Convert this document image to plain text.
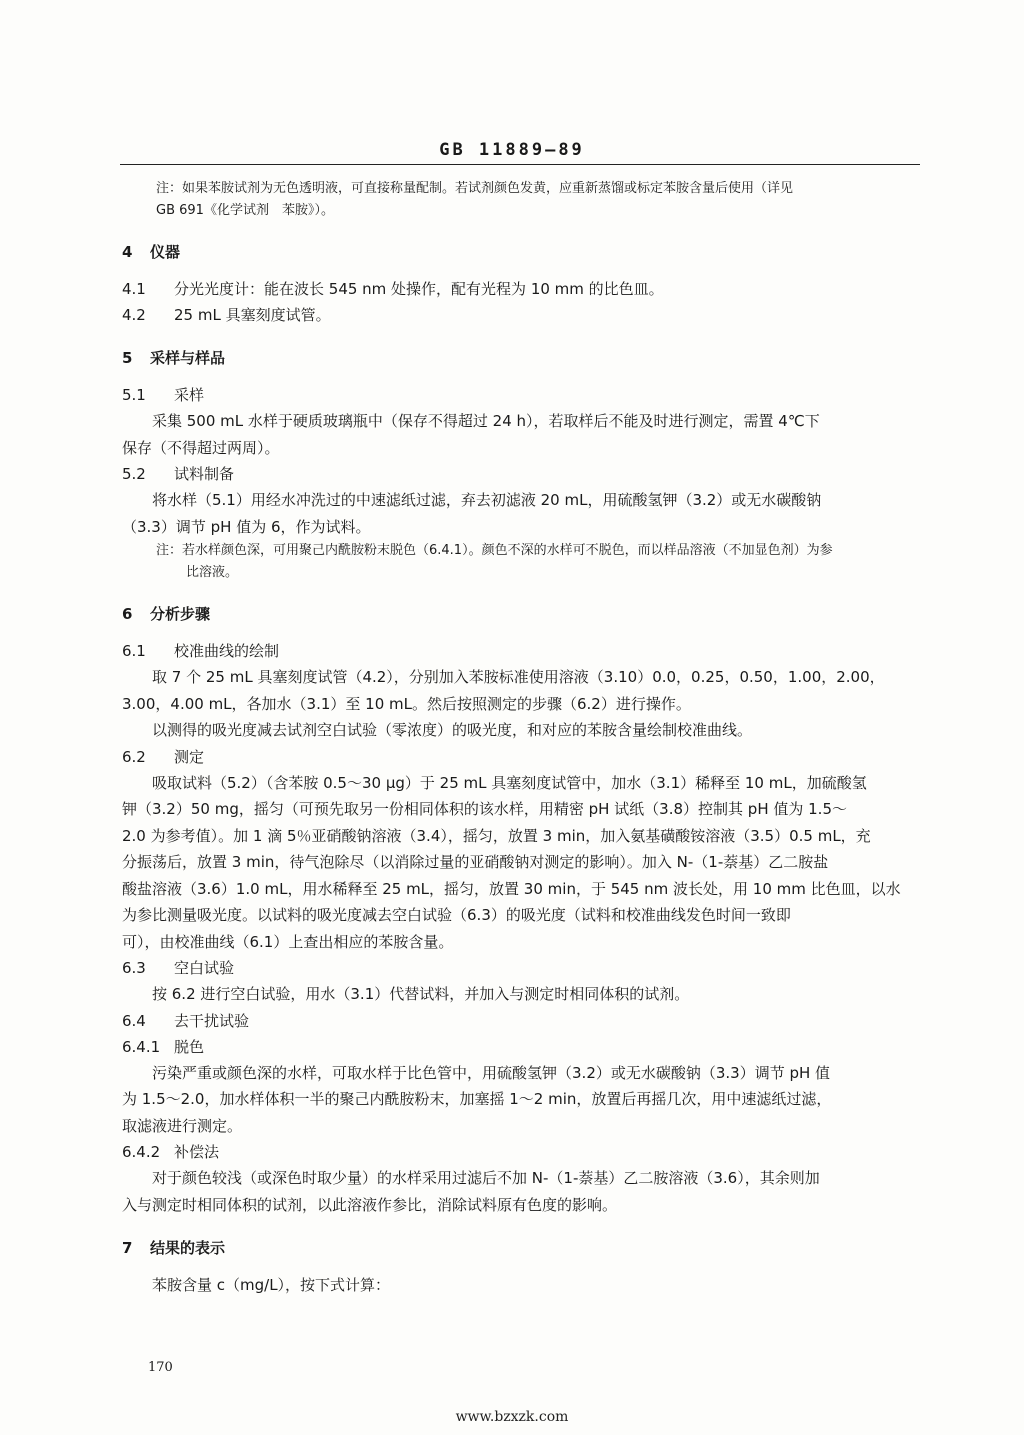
GB 11889—89

注：如果苯胺试剂为无色透明液，可直接称量配制。若试剂颜色发黄，应重新蒸馏或标定苯胺含量后使用（详见

GB 691《化学试剂　苯胺》）。

4 仪器

4.1 分光光度计：能在波长 545 nm 处操作，配有光程为 10 mm 的比色皿。

4.2 25 mL 具塞刻度试管。

5 采样与样品

5.1 采样

采集 500 mL 水样于硬质玻璃瓶中（保存不得超过 24 h），若取样后不能及时进行测定，需置 4℃下

保存（不得超过两周）。

5.2 试料制备

将水样（5.1）用经水冲洗过的中速滤纸过滤，弃去初滤液 20 mL，用硫酸氢钾（3.2）或无水碳酸钠

（3.3）调节 pH 值为 6，作为试料。

注：若水样颜色深，可用聚己内酰胺粉末脱色（6.4.1）。颜色不深的水样可不脱色，而以样品溶液（不加显色剂）为参

比溶液。

6 分析步骤

6.1 校准曲线的绘制

取 7 个 25 mL 具塞刻度试管（4.2），分别加入苯胺标准使用溶液（3.10）0.0，0.25，0.50，1.00，2.00，

3.00，4.00 mL，各加水（3.1）至 10 mL。然后按照测定的步骤（6.2）进行操作。

以测得的吸光度减去试剂空白试验（零浓度）的吸光度，和对应的苯胺含量绘制校准曲线。

6.2 测定

吸取试料（5.2）（含苯胺 0.5～30 μg）于 25 mL 具塞刻度试管中，加水（3.1）稀释至 10 mL，加硫酸氢

钾（3.2）50 mg，摇匀（可预先取另一份相同体积的该水样，用精密 pH 试纸（3.8）控制其 pH 值为 1.5～

2.0 为参考值）。加 1 滴 5％亚硝酸钠溶液（3.4），摇匀，放置 3 min，加入氨基磺酸铵溶液（3.5）0.5 mL，充

分振荡后，放置 3 min，待气泡除尽（以消除过量的亚硝酸钠对测定的影响）。加入 N-（1-萘基）乙二胺盐

酸盐溶液（3.6）1.0 mL，用水稀释至 25 mL，摇匀，放置 30 min，于 545 nm 波长处，用 10 mm 比色皿，以水

为参比测量吸光度。以试料的吸光度减去空白试验（6.3）的吸光度（试料和校准曲线发色时间一致即

可），由校准曲线（6.1）上查出相应的苯胺含量。

6.3 空白试验

按 6.2 进行空白试验，用水（3.1）代替试料，并加入与测定时相同体积的试剂。

6.4 去干扰试验

6.4.1 脱色

污染严重或颜色深的水样，可取水样于比色管中，用硫酸氢钾（3.2）或无水碳酸钠（3.3）调节 pH 值

为 1.5～2.0，加水样体积一半的聚己内酰胺粉末，加塞摇 1～2 min，放置后再摇几次，用中速滤纸过滤，

取滤液进行测定。

6.4.2 补偿法

对于颜色较浅（或深色时取少量）的水样采用过滤后不加 N-（1-萘基）乙二胺溶液（3.6），其余则加

入与测定时相同体积的试剂，以此溶液作参比，消除试料原有色度的影响。

7 结果的表示

苯胺含量 c（mg/L），按下式计算：

170
www.bzxzk.com
